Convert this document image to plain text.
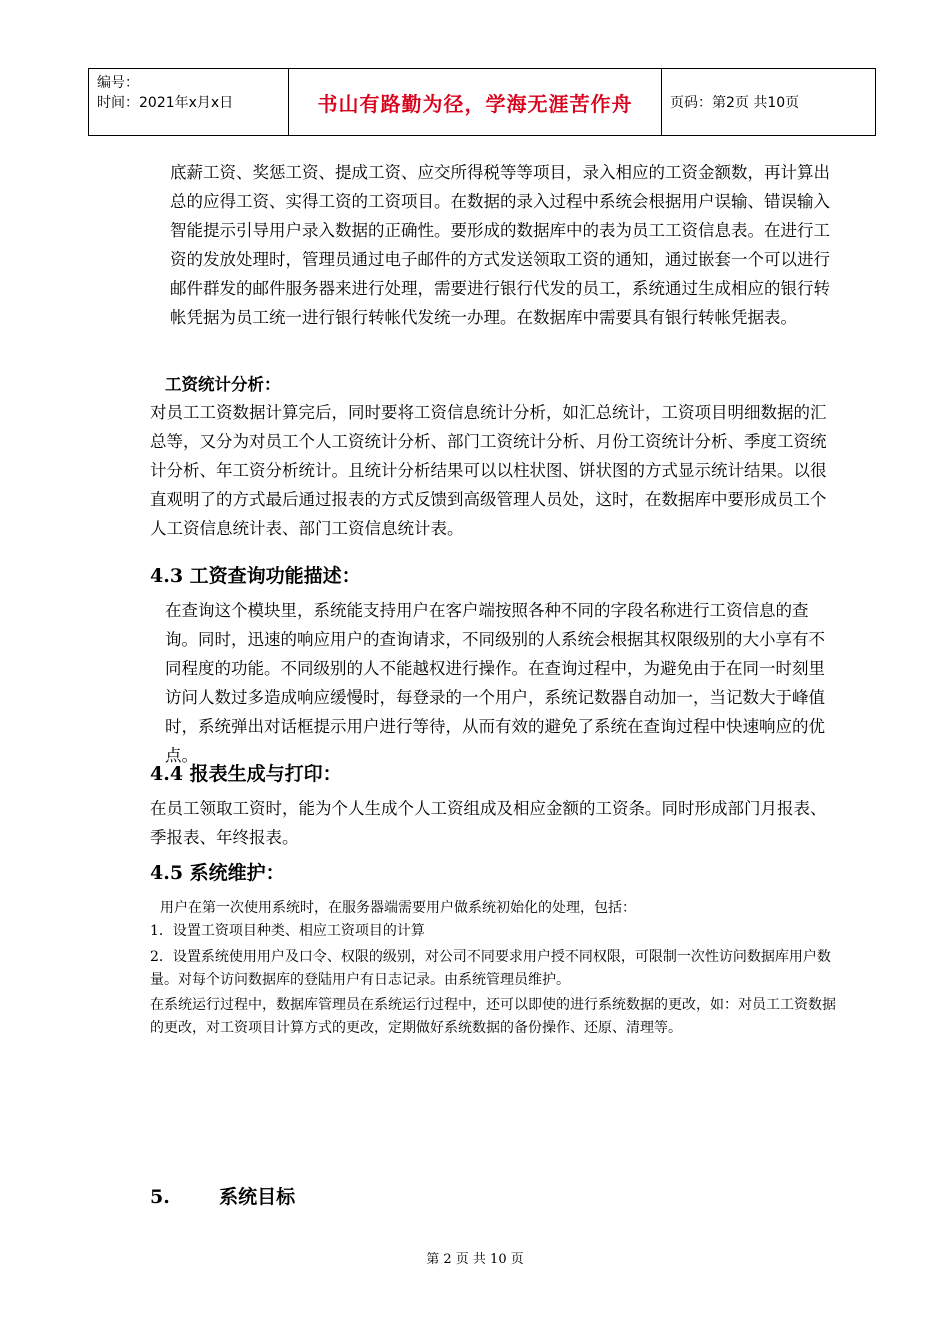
编号：
时间：2021年x月x日	书山有路勤为径，学海无涯苦作舟	页码：第2页 共10页

底薪工资、奖惩工资、提成工资、应交所得税等等项目，录入相应的工资金额数，再计算出总的应得工资、实得工资的工资项目。在数据的录入过程中系统会根据用户误输、错误输入智能提示引导用户录入数据的正确性。要形成的数据库中的表为员工工资信息表。在进行工资的发放处理时，管理员通过电子邮件的方式发送领取工资的通知，通过嵌套一个可以进行邮件群发的邮件服务器来进行处理，需要进行银行代发的员工，系统通过生成相应的银行转帐凭据为员工统一进行银行转帐代发统一办理。在数据库中需要具有银行转帐凭据表。

工资统计分析：

对员工工资数据计算完后，同时要将工资信息统计分析，如汇总统计，工资项目明细数据的汇总等，又分为对员工个人工资统计分析、部门工资统计分析、月份工资统计分析、季度工资统计分析、年工资分析统计。且统计分析结果可以以柱状图、饼状图的方式显示统计结果。以很直观明了的方式最后通过报表的方式反馈到高级管理人员处，这时，在数据库中要形成员工个人工资信息统计表、部门工资信息统计表。

4.3 工资查询功能描述：

在查询这个模块里，系统能支持用户在客户端按照各种不同的字段名称进行工资信息的查询。同时，迅速的响应用户的查询请求，不同级别的人系统会根据其权限级别的大小享有不同程度的功能。不同级别的人不能越权进行操作。在查询过程中，为避免由于在同一时刻里访问人数过多造成响应缓慢时，每登录的一个用户，系统记数器自动加一，当记数大于峰值时，系统弹出对话框提示用户进行等待，从而有效的避免了系统在查询过程中快速响应的优点。

4.4 报表生成与打印：

在员工领取工资时，能为个人生成个人工资组成及相应金额的工资条。同时形成部门月报表、季报表、年终报表。

4.5 系统维护：

用户在第一次使用系统时，在服务器端需要用户做系统初始化的处理，包括：

1．设置工资项目种类、相应工资项目的计算

2．设置系统使用用户及口令、权限的级别，对公司不同要求用户授不同权限，可限制一次性访问数据库用户数量。对每个访问数据库的登陆用户有日志记录。由系统管理员维护。

在系统运行过程中，数据库管理员在系统运行过程中，还可以即使的进行系统数据的更改，如：对员工工资数据的更改，对工资项目计算方式的更改，定期做好系统数据的备份操作、还原、清理等。

5.	系统目标
第 2 页 共 10 页
